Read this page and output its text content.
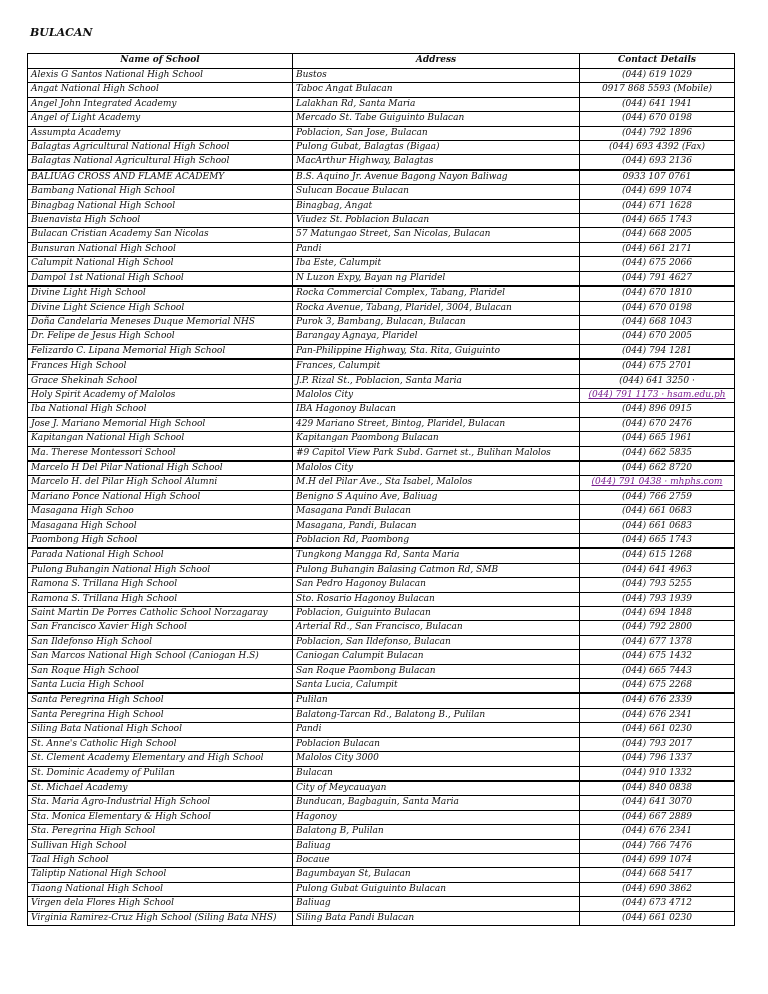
BULACAN
Name of School	Address	Contact Details
Alexis G Santos National High School	Bustos	(044) 619 1029
Angat National High School	Taboc Angat Bulacan	0917 868 5593 (Mobile)
Angel John Integrated Academy	Lalakhan Rd, Santa Maria	(044) 641 1941
Angel of Light Academy	Mercado St. Tabe Guiguinto Bulacan	(044) 670 0198
Assumpta Academy	Poblacion, San Jose, Bulacan	(044) 792 1896
Balagtas Agricultural National High School	Pulong Gubat, Balagtas (Bigaa)	(044) 693 4392 (Fax)
Balagtas National Agricultural High School	MacArthur Highway, Balagtas	(044) 693 2136
BALIUAG CROSS AND FLAME ACADEMY	B.S. Aquino Jr. Avenue Bagong Nayon Baliwag	0933 107 0761
Bambang National High School	Sulucan Bocaue Bulacan	(044) 699 1074
Binagbag National High School	Binagbag, Angat	(044) 671 1628
Buenavista High School	Viudez St. Poblacion Bulacan	(044) 665 1743
Bulacan Cristian Academy San Nicolas	57 Matungao Street, San Nicolas, Bulacan	(044) 668 2005
Bunsuran National High School	Pandi	(044) 661 2171
Calumpit National High School	Iba Este, Calumpit	(044) 675 2066
Dampol 1st National High School	N Luzon Expy, Bayan ng Plaridel	(044) 791 4627
Divine Light High School	Rocka Commercial Complex, Tabang, Plaridel	(044) 670 1810
Divine Light Science High School	Rocka Avenue, Tabang, Plaridel, 3004, Bulacan	(044) 670 0198
Doña Candelaria Meneses Duque Memorial NHS	Purok 3, Bambang, Bulacan, Bulacan	(044) 668 1043
Dr. Felipe de Jesus High School	Barangay Agnaya, Plaridel	(044) 670 2005
Felizardo C. Lipana Memorial High School	Pan-Philippine Highway, Sta. Rita, Guiguinto	(044) 794 1281
Frances High School	Frances, Calumpit	(044) 675 2701
Grace Shekinah School	J.P. Rizal St., Poblacion, Santa Maria	(044) 641 3250 ·
Holy Spirit Academy of Malolos	Malolos City	(044) 791 1173 · hsam.edu.ph
Iba National High School	IBA Hagonoy Bulacan	(044) 896 0915
Jose J. Mariano Memorial High School	429 Mariano Street, Bintog, Plaridel, Bulacan	(044) 670 2476
Kapitangan National High School	Kapitangan Paombong Bulacan	(044) 665 1961
Ma. Therese Montessori School	#9 Capitol View Park Subd. Garnet st., Bulihan Malolos	(044) 662 5835
Marcelo H Del Pilar National High School	Malolos City	(044) 662 8720
Marcelo H. del Pilar High School Alumni	M.H del Pilar Ave., Sta Isabel, Malolos	(044) 791 0438 · mhphs.com
Mariano Ponce National High School	Benigno S Aquino Ave, Baliuag	(044) 766 2759
Masagana High Schoo	Masagana Pandi Bulacan	(044) 661 0683
Masagana High School	Masagana, Pandi, Bulacan	(044) 661 0683
Paombong High School	Poblacion Rd, Paombong	(044) 665 1743
Parada National High School	Tungkong Mangga Rd, Santa Maria	(044) 615 1268
Pulong Buhangin National High School	Pulong Buhangin Balasing Catmon Rd, SMB	(044) 641 4963
Ramona S. Trillana High School	San Pedro Hagonoy Bulacan	(044) 793 5255
Ramona S. Trillana High School	Sto. Rosario Hagonoy Bulacan	(044) 793 1939
Saint Martin De Porres Catholic School Norzagaray	Poblacion, Guiguinto Bulacan	(044) 694 1848
San Francisco Xavier High School	Arterial Rd., San Francisco, Bulacan	(044) 792 2800
San Ildefonso High School	Poblacion, San Ildefonso, Bulacan	(044) 677 1378
San Marcos National High School (Caniogan H.S)	Caniogan Calumpit Bulacan	(044) 675 1432
San Roque High School	San Roque Paombong Bulacan	(044) 665 7443
Santa Lucia High School	Santa Lucia, Calumpit	(044) 675 2268
Santa Peregrina High School	Pulilan	(044) 676 2339
Santa Peregrina High School	Balatong-Tarcan Rd., Balatong B., Pulilan	(044) 676 2341
Siling Bata National High School	Pandi	(044) 661 0230
St. Anne's Catholic High School	Poblacion Bulacan	(044) 793 2017
St. Clement Academy Elementary and High School	Malolos City 3000	(044) 796 1337
St. Dominic Academy of Pulilan	Bulacan	(044) 910 1332
St. Michael Academy	City of Meycauayan	(044) 840 0838
Sta. Maria Agro-Industrial High School	Bunducan, Bagbaguin, Santa Maria	(044) 641 3070
Sta. Monica Elementary & High School	Hagonoy	(044) 667 2889
Sta. Peregrina High School	Balatong B, Pulilan	(044) 676 2341
Sullivan High School	Baliuag	(044) 766 7476
Taal High School	Bocaue	(044) 699 1074
Taliptip National High School	Bagumbayan St, Bulacan	(044) 668 5417
Tiaong National High School	Pulong Gubat Guiguinto Bulacan	(044) 690 3862
Virgen dela Flores High School	Baliuag	(044) 673 4712
Virginia Ramirez-Cruz High School (Siling Bata NHS)	Siling Bata Pandi Bulacan	(044) 661 0230
